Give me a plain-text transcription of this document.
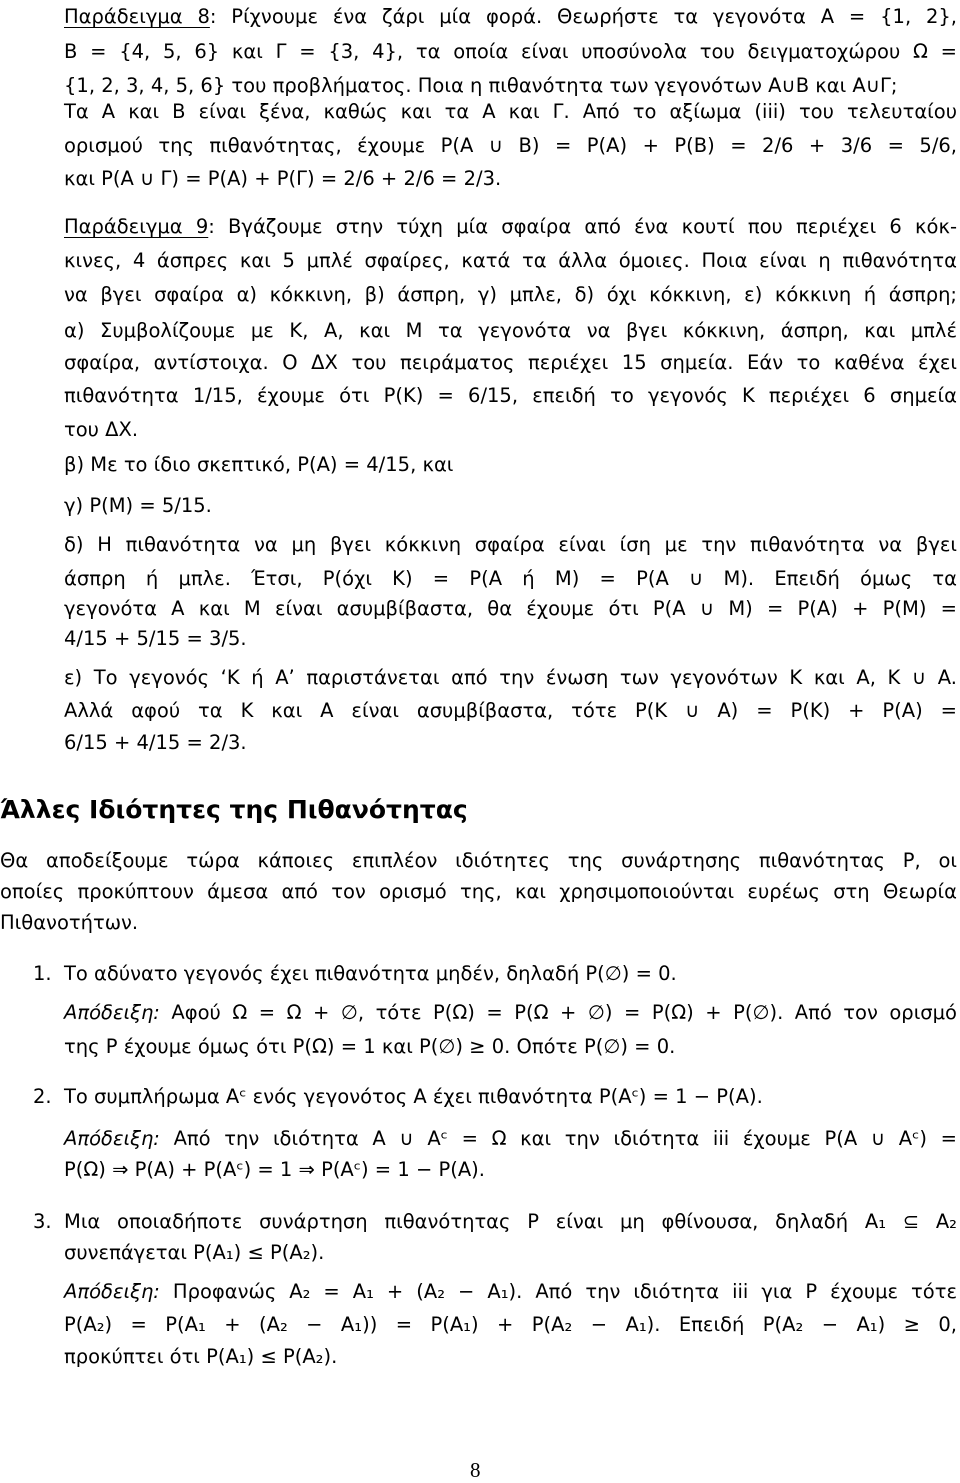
Παράδειγμα 8: Ρίχνουμε ένα ζάρι μία φορά. Θεωρήστε τα γεγονότα A = {1, 2},
B = {4, 5, 6} και Γ = {3, 4}, τα οποία είναι υποσύνολα του δειγματοχώρου Ω =
{1, 2, 3, 4, 5, 6} του προβλήματος. Ποια η πιθανότητα των γεγονότων A∪B και A∪Γ;
Τα A και B είναι ξένα, καθώς και τα A και Γ. Από το αξίωμα (iii) του τελευταίου
ορισμού της πιθανότητας, έχουμε P(A ∪ B) = P(A) + P(B) = 2/6 + 3/6 = 5/6,
και P(A ∪ Γ) = P(A) + P(Γ) = 2/6 + 2/6 = 2/3.
Παράδειγμα 9: Βγάζουμε στην τύχη μία σφαίρα από ένα κουτί που περιέχει 6 κόκ-
κινες, 4 άσπρες και 5 μπλέ σφαίρες, κατά τα άλλα όμοιες. Ποια είναι η πιθανότητα
να βγει σφαίρα α) κόκκινη, β) άσπρη, γ) μπλε, δ) όχι κόκκινη, ε) κόκκινη ή άσπρη;
α) Συμβολίζουμε με K, A, και M τα γεγονότα να βγει κόκκινη, άσπρη, και μπλέ
σφαίρα, αντίστοιχα. Ο ΔΧ του πειράματος περιέχει 15 σημεία. Εάν το καθένα έχει
πιθανότητα 1/15, έχουμε ότι P(K) = 6/15, επειδή το γεγονός K περιέχει 6 σημεία
του ΔΧ.
β) Με το ίδιο σκεπτικό, P(A) = 4/15, και
γ) P(M) = 5/15.
δ) Η πιθανότητα να μη βγει κόκκινη σφαίρα είναι ίση με την πιθανότητα να βγει
άσπρη ή μπλε. Έτσι, P(όχι K) = P(A ή M) = P(A ∪ M). Επειδή όμως τα
γεγονότα A και M είναι ασυμβίβαστα, θα έχουμε ότι P(A ∪ M) = P(A) + P(M) =
4/15 + 5/15 = 3/5.
ε) Το γεγονός ‘K ή A’ παριστάνεται από την ένωση των γεγονότων K και A, K ∪ A.
Αλλά αφού τα K και A είναι ασυμβίβαστα, τότε P(K ∪ A) = P(K) + P(A) =
6/15 + 4/15 = 2/3.
Άλλες Ιδιότητες της Πιθανότητας
Θα αποδείξουμε τώρα κάποιες επιπλέον ιδιότητες της συνάρτησης πιθανότητας P, οι
οποίες προκύπτουν άμεσα από τον ορισμό της, και χρησιμοποιούνται ευρέως στη Θεωρία
Πιθανοτήτων.
1. Το αδύνατο γεγονός έχει πιθανότητα μηδέν, δηλαδή P(∅) = 0.
Απόδειξη: Αφού Ω = Ω + ∅, τότε P(Ω) = P(Ω + ∅) = P(Ω) + P(∅). Από τον ορισμό
της P έχουμε όμως ότι P(Ω) = 1 και P(∅) ≥ 0. Οπότε P(∅) = 0.
2. Το συμπλήρωμα Aᶜ ενός γεγονότος A έχει πιθανότητα P(Aᶜ) = 1 − P(A).
Απόδειξη: Από την ιδιότητα A ∪ Aᶜ = Ω και την ιδιότητα iii έχουμε P(A ∪ Aᶜ) =
P(Ω) ⇒ P(A) + P(Aᶜ) = 1 ⇒ P(Aᶜ) = 1 − P(A).
3. Μια οποιαδήποτε συνάρτηση πιθανότητας P είναι μη φθίνουσα, δηλαδή A₁ ⊆ A₂
συνεπάγεται P(A₁) ≤ P(A₂).
Απόδειξη: Προφανώς A₂ = A₁ + (A₂ − A₁). Από την ιδιότητα iii για P έχουμε τότε
P(A₂) = P(A₁ + (A₂ − A₁)) = P(A₁) + P(A₂ − A₁). Επειδή P(A₂ − A₁) ≥ 0,
προκύπτει ότι P(A₁) ≤ P(A₂).
8
